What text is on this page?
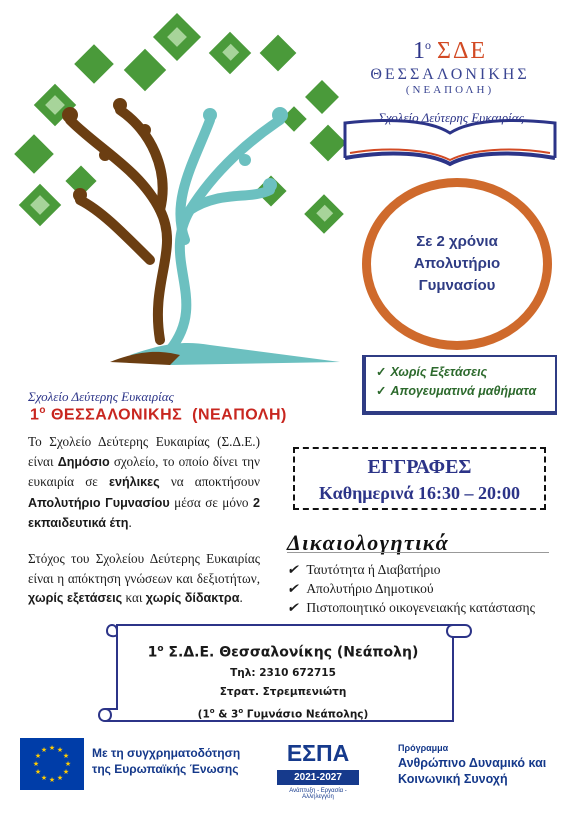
$1^o$ ΣΔΕ
ΘΕΣΣΑΛΟΝΙΚΗΣ
(ΝΕΑΠΟΛΗ)
Σχολείο Δεύτερης Ευκαιρίας
Σε 2 χρόνια
Απολυτήριο
Γυμνασίου
✓ Χωρίς Εξετάσεις
✓ Απογευματινά μαθήματα
Σχολείο Δεύτερης Ευκαιρίας
$1^o$ ΘΕΣΣΑΛΟΝΙΚΗΣ  (ΝΕΑΠΟΛΗ)
Το Σχολείο Δεύτερης Ευκαιρίας (Σ.Δ.Ε.) είναι Δημόσιο σχολείο, το οποίο δίνει την ευκαιρία σε ενήλικες να αποκτήσουν Απολυτήριο Γυμνασίου μέσα σε μόνο 2 εκπαιδευτικά έτη.
Στόχος του Σχολείου Δεύτερης Ευκαιρίας είναι η απόκτηση γνώσεων και δεξιοτήτων, χωρίς εξετάσεις και χωρίς δίδακτρα.
ΕΓΓΡΑΦΕΣ
Καθημερινά 16:30 – 20:00
Δικαιολογητικά
✔ Ταυτότητα ή Διαβατήριο
✔ Απολυτήριο Δημοτικού
✔ Πιστοποιητικό οικογενειακής κατάστασης
$1^o$ Σ.Δ.Ε. Θεσσαλονίκης (Νεάπολη)
Τηλ: 2310 672715
Στρατ. Στρεμπενιώτη
($1^o$ & $3^o$ Γυμνάσιο Νεάπολης)
★ ★
★
★
★
★
★
★
★
★
★
★	Με τη συγχρηματοδότηση
της Ευρωπαϊκής Ένωσης
ΕΣΠΑ
2021-2027
Ανάπτυξη - Εργασία - Αλληλεγγύη
Πρόγραμμα
Ανθρώπινο Δυναμικό και
Κοινωνική Συνοχή
